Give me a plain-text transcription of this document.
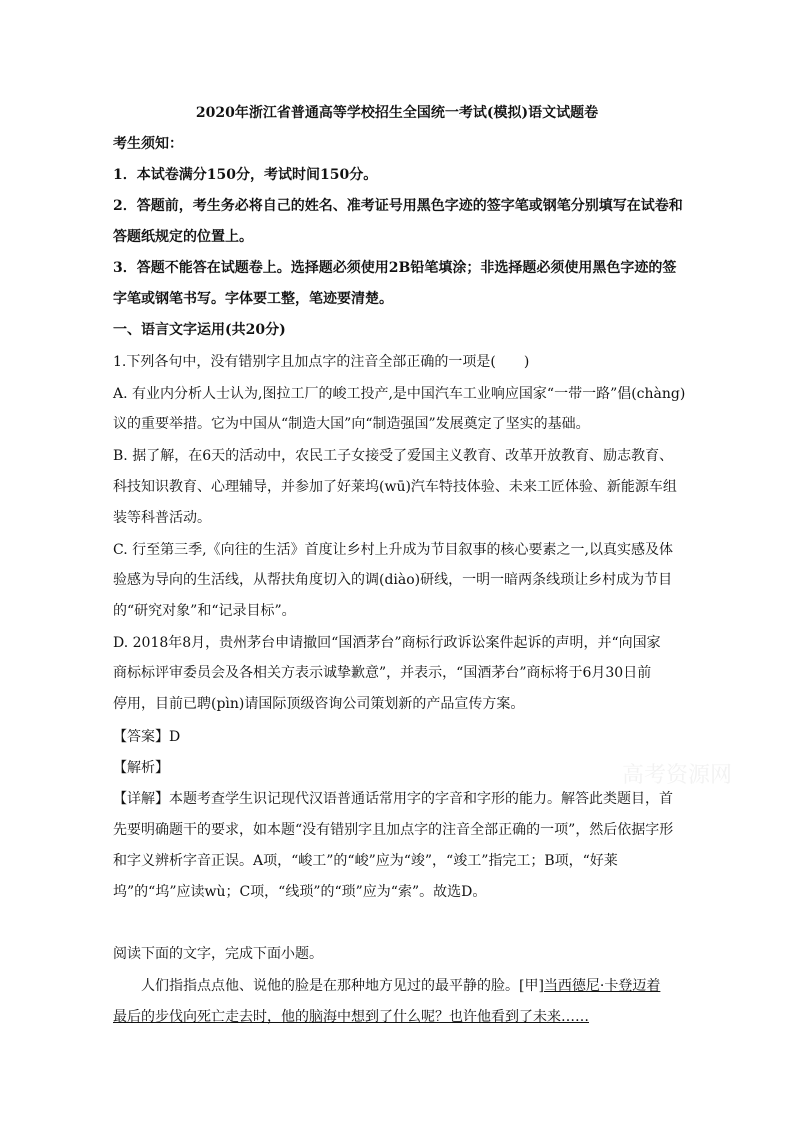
2020年浙江省普通高等学校招生全国统一考试(模拟)语文试题卷
考生须知：
1．本试卷满分150分，考试时间150分。
2．答题前，考生务必将自己的姓名、准考证号用黑色字迹的签字笔或钢笔分别填写在试卷和
答题纸规定的位置上。
3．答题不能答在试题卷上。选择题必须使用2B铅笔填涂；非选择题必须使用黑色字迹的签
字笔或钢笔书写。字体要工整，笔迹要清楚。
一、语言文字运用(共20分)
1.下列各句中，没有错别字且加点字的注音全部正确的一项是(　　)
A. 有业内分析人士认为,图拉工厂的峻工投产,是中国汽车工业响应国家“一带一路”倡(chàng)
议的重要举措。它为中国从“制造大国”向“制造强国”发展奠定了坚实的基础。
B. 据了解，在6天的活动中，农民工子女接受了爱国主义教育、改革开放教育、励志教育、
科技知识教育、心理辅导，并参加了好莱坞(wū)汽车特技体验、未来工匠体验、新能源车组
装等科普活动。
C. 行至第三季,《向往的生活》首度让乡村上升成为节目叙事的核心要素之一,以真实感及体
验感为导向的生活线，从帮扶角度切入的调(diào)研线，一明一暗两条线琐让乡村成为节目
的“研究对象”和“记录目标”。
D. 2018年8月，贵州茅台申请撤回“国酒茅台”商标行政诉讼案件起诉的声明，并“向国家
商标标评审委员会及各相关方表示诚挚歉意”，并表示，“国酒茅台”商标将于6月30日前
停用，目前已聘(pìn)请国际顶级咨询公司策划新的产品宣传方案。
【答案】D
【解析】
【详解】本题考查学生识记现代汉语普通话常用字的字音和字形的能力。解答此类题目，首
先要明确题干的要求，如本题“没有错别字且加点字的注音全部正确的一项”，然后依据字形
和字义辨析字音正误。A项，“峻工”的“峻”应为“竣”，“竣工”指完工；B项，“好莱
坞”的“坞”应读wù；C项，“线琐”的“琐”应为“索”。故选D。
阅读下面的文字，完成下面小题。
人们指指点点他、说他的脸是在那种地方见过的最平静的脸。[甲]当西德尼·卡登迈着
最后的步伐向死亡走去时，他的脑海中想到了什么呢？也许他看到了未来……
高考资源网
